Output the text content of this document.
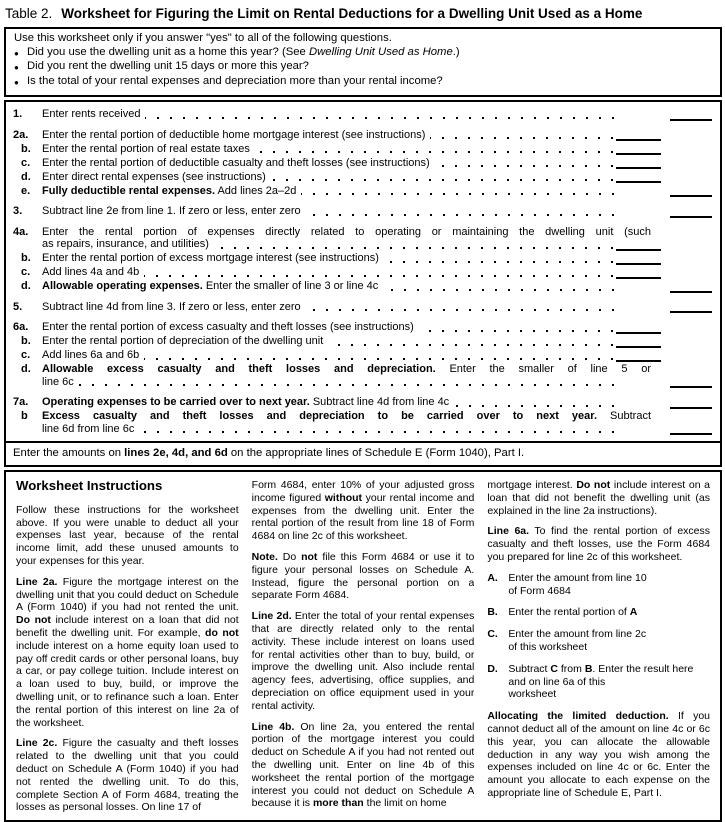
Table 2. Worksheet for Figuring the Limit on Rental Deductions for a Dwelling Unit Used as a Home
Use this worksheet only if you answer "yes" to all of the following questions.
● Did you use the dwelling unit as a home this year? (See Dwelling Unit Used as Home.)
● Did you rent the dwelling unit 15 days or more this year?
● Is the total of your rental expenses and depreciation more than your rental income?
1.	Enter rents received
2a.	Enter the rental portion of deductible home mortgage interest (see instructions)
b.	Enter the rental portion of real estate taxes
c.	Enter the rental portion of deductible casualty and theft losses (see instructions)
d.	Enter direct rental expenses (see instructions)
e.	Fully deductible rental expenses. Add lines 2a–2d
3.	Subtract line 2e from line 1. If zero or less, enter zero
4a.	Enter the rental portion of expenses directly related to operating or maintaining the dwelling unit (such
as repairs, insurance, and utilities)
b.	Enter the rental portion of excess mortgage interest (see instructions)
c.	Add lines 4a and 4b
d.	Allowable operating expenses. Enter the smaller of line 3 or line 4c
5.	Subtract line 4d from line 3. If zero or less, enter zero
6a.	Enter the rental portion of excess casualty and theft losses (see instructions)
b.	Enter the rental portion of depreciation of the dwelling unit
c.	Add lines 6a and 6b
d.	Allowable excess casualty and theft losses and depreciation. Enter the smaller of line 5 or
line 6c
7a.	Operating expenses to be carried over to next year. Subtract line 4d from line 4c
b	Excess casualty and theft losses and depreciation to be carried over to next year. Subtract
line 6d from line 6c
Enter the amounts on lines 2e, 4d, and 6d on the appropriate lines of Schedule E (Form 1040), Part I.
Worksheet Instructions

Follow these instructions for the worksheet above. If you were unable to deduct all your expenses last year, because of the rental income limit, add these unused amounts to your expenses for this year.

Line 2a. Figure the mortgage interest on the dwelling unit that you could deduct on Schedule A (Form 1040) if you had not rented the unit. Do not include interest on a loan that did not benefit the dwelling unit. For example, do not include interest on a home equity loan used to pay off credit cards or other personal loans, buy a car, or pay college tuition. Include interest on a loan used to buy, build, or improve the dwelling unit, or to refinance such a loan. Enter the rental portion of this interest on line 2a of the worksheet.

Line 2c. Figure the casualty and theft losses related to the dwelling unit that you could deduct on Schedule A (Form 1040) if you had not rented the dwelling unit. To do this, complete Section A of Form 4684, treating the losses as personal losses. On line 17 of

Form 4684, enter 10% of your adjusted gross income figured without your rental income and expenses from the dwelling unit. Enter the rental portion of the result from line 18 of Form 4684 on line 2c of this worksheet.

Note. Do not file this Form 4684 or use it to figure your personal losses on Schedule A. Instead, figure the personal portion on a separate Form 4684.

Line 2d. Enter the total of your rental expenses that are directly related only to the rental activity. These include interest on loans used for rental activities other than to buy, build, or improve the dwelling unit. Also include rental agency fees, advertising, office supplies, and depreciation on office equipment used in your rental activity.

Line 4b. On line 2a, you entered the rental portion of the mortgage interest you could deduct on Schedule A if you had not rented out the dwelling unit. Enter on line 4b of this worksheet the rental portion of the mortgage interest you could not deduct on Schedule A because it is more than the limit on home

mortgage interest. Do not include interest on a loan that did not benefit the dwelling unit (as explained in the line 2a instructions).

Line 6a. To find the rental portion of excess casualty and theft losses, use the Form 4684 you prepared for line 2c of this worksheet.

A.	Enter the amount from line 10
of Form 4684
B.	Enter the rental portion of A
C.	Enter the amount from line 2c
of this worksheet
D.	Subtract C from B. Enter the result here and on line 6a of this
worksheet

Allocating the limited deduction. If you cannot deduct all of the amount on line 4c or 6c this year, you can allocate the allowable deduction in any way you wish among the expenses included on line 4c or 6c. Enter the amount you allocate to each expense on the appropriate line of Schedule E, Part I.
